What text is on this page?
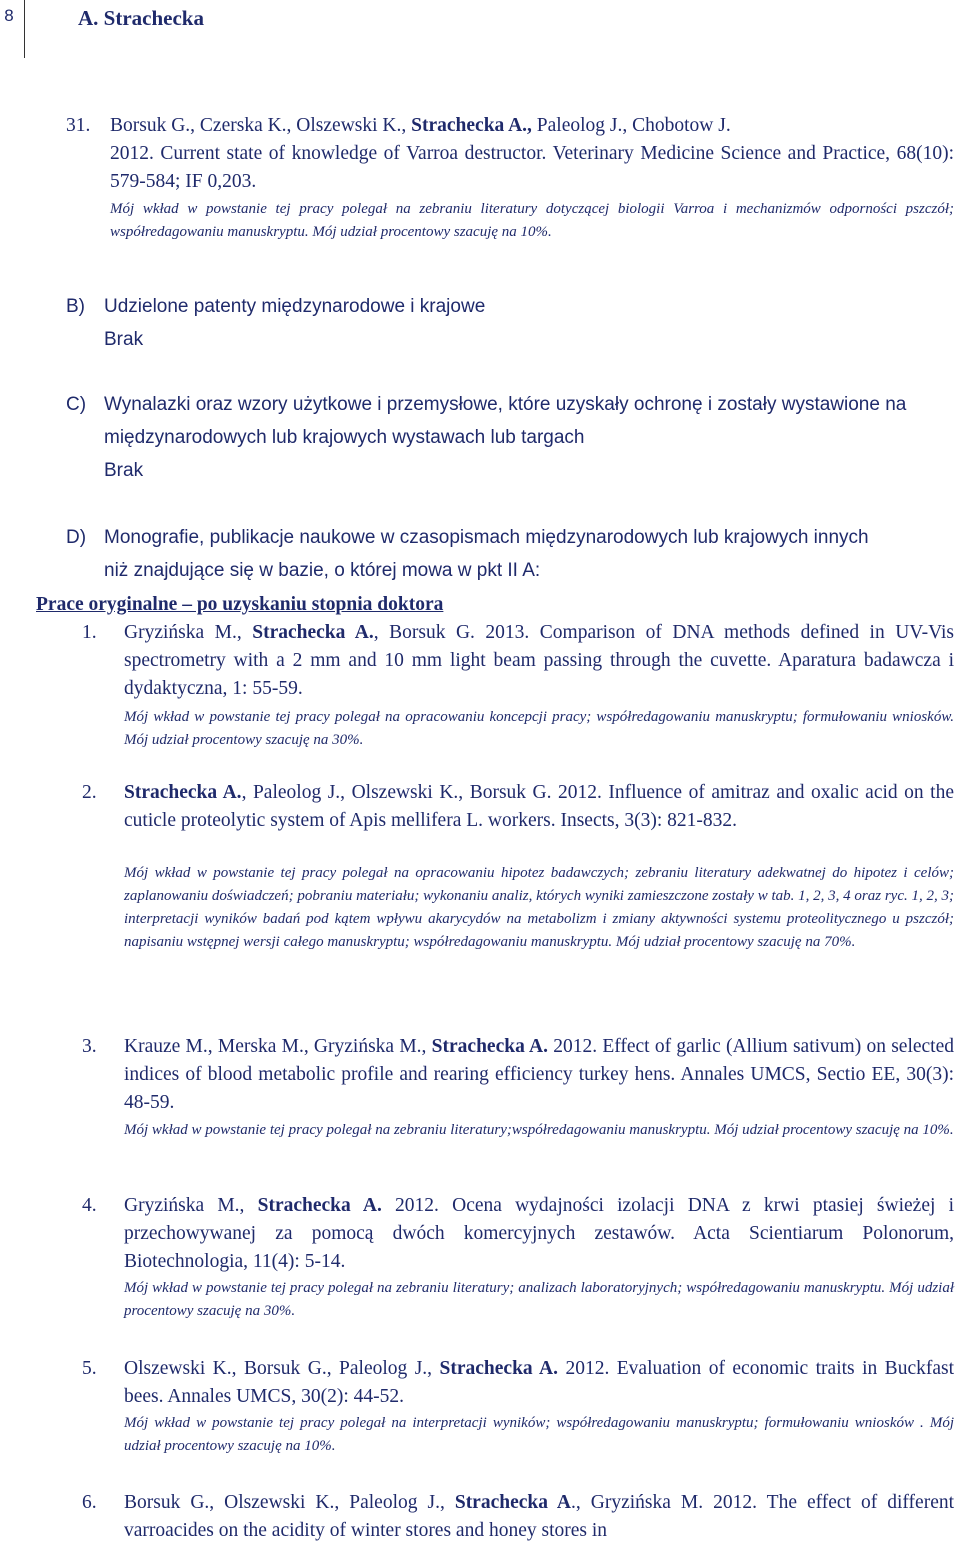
8	A. Strachecka
31. Borsuk G., Czerska K., Olszewski K., Strachecka A., Paleolog J., Chobotow J.
2012. Current state of knowledge of Varroa destructor. Veterinary Medicine Science and Practice, 68(10): 579-584; IF 0,203.
Mój wkład w powstanie tej pracy polegał na zebraniu literatury dotyczącej biologii Varroa i mechanizmów odporności pszczół; współredagowaniu manuskryptu. Mój udział procentowy szacuję na 10%.
B) Udzielone patenty międzynarodowe i krajowe
Brak
C) Wynalazki oraz wzory użytkowe i przemysłowe, które uzyskały ochronę i zostały wystawione na międzynarodowych lub krajowych wystawach lub targach
Brak
D) Monografie, publikacje naukowe w czasopismach międzynarodowych lub krajowych innych niż znajdujące się w bazie, o której mowa w pkt II A:
Prace oryginalne – po uzyskaniu stopnia doktora
1. Gryzińska M., Strachecka A., Borsuk G. 2013. Comparison of DNA methods defined in UV-Vis spectrometry with a 2 mm and 10 mm light beam passing through the cuvette. Aparatura badawcza i dydaktyczna, 1: 55-59.
Mój wkład w powstanie tej pracy polegał na opracowaniu koncepcji pracy; współredagowaniu manuskryptu; formułowaniu wniosków. Mój udział procentowy szacuję na 30%.
2. Strachecka A., Paleolog J., Olszewski K., Borsuk G. 2012. Influence of amitraz and oxalic acid on the cuticle proteolytic system of Apis mellifera L. workers. Insects, 3(3): 821-832.
Mój wkład w powstanie tej pracy polegał na opracowaniu hipotez badawczych; zebraniu literatury adekwatnej do hipotez i celów; zaplanowaniu doświadczeń; pobraniu materiału; wykonaniu analiz, których wyniki zamieszczone zostały w tab. 1, 2, 3, 4 oraz ryc. 1, 2, 3; interpretacji wyników badań pod kątem wpływu akarycydów na metabolizm i zmiany aktywności systemu proteolitycznego u pszczół; napisaniu wstępnej wersji całego manuskryptu; współredagowaniu manuskryptu. Mój udział procentowy szacuję na 70%.
3. Krauze M., Merska M., Gryzińska M., Strachecka A. 2012. Effect of garlic (Allium sativum) on selected indices of blood metabolic profile and rearing efficiency turkey hens. Annales UMCS, Sectio EE, 30(3): 48-59.
Mój wkład w powstanie tej pracy polegał na zebraniu literatury;współredagowaniu manuskryptu. Mój udział procentowy szacuję na 10%.
4. Gryzińska M., Strachecka A. 2012. Ocena wydajności izolacji DNA z krwi ptasiej świeżej i przechowywanej za pomocą dwóch komercyjnych zestawów. Acta Scientiarum Polonorum, Biotechnologia, 11(4): 5-14.
Mój wkład w powstanie tej pracy polegał na zebraniu literatury; analizach laboratoryjnych; współredagowaniu manuskryptu. Mój udział procentowy szacuję na 30%.
5. Olszewski K., Borsuk G., Paleolog J., Strachecka A. 2012. Evaluation of economic traits in Buckfast bees. Annales UMCS, 30(2): 44-52.
Mój wkład w powstanie tej pracy polegał na interpretacji wyników; współredagowaniu manuskryptu; formułowaniu wniosków . Mój udział procentowy szacuję na 10%.
6. Borsuk G., Olszewski K., Paleolog J., Strachecka A., Gryzińska M. 2012. The effect of different varroacides on the acidity of winter stores and honey stores in
